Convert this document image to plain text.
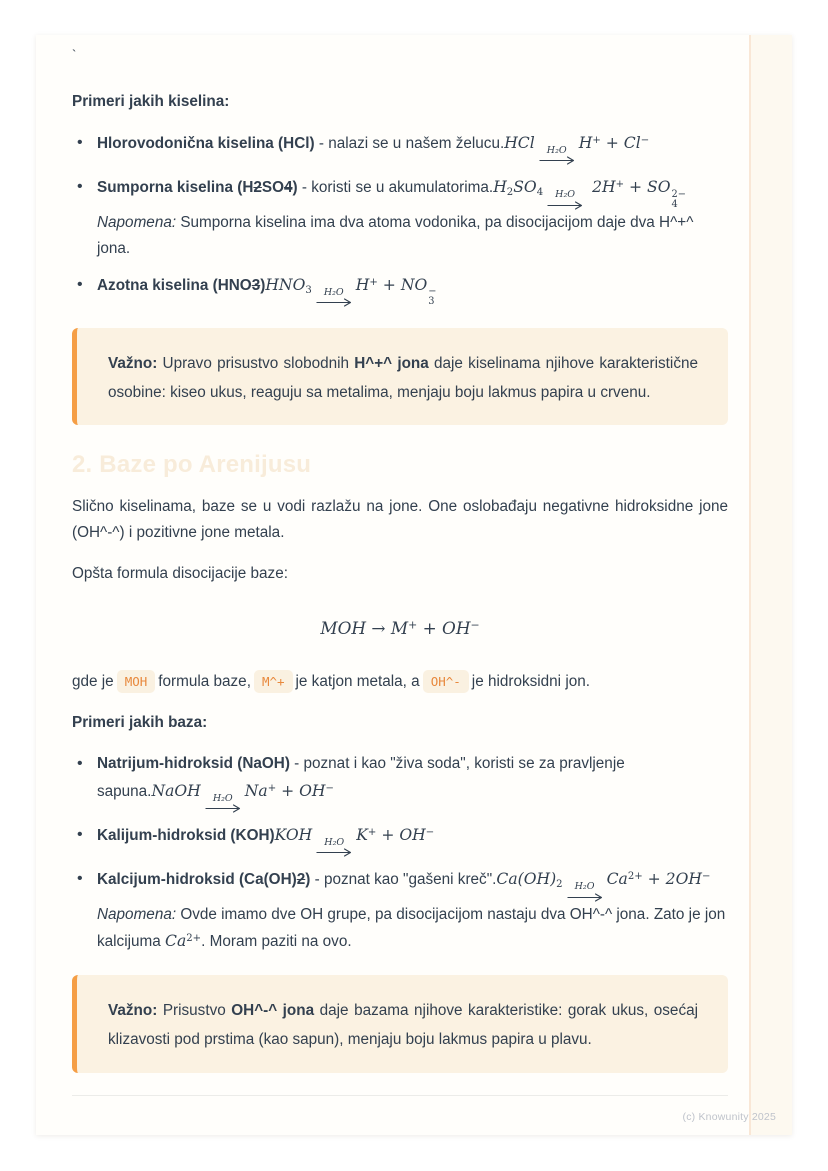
`

Primeri jakih kiselina:

• Hlorovodonična kiselina (HCl) - nalazi se u našem želucu.HCl H₂O H+ + Cl−
• Sumporna kiselina (H2SO4) - koristi se u $akumulatorima.H_2SO_4$ H₂O 2H+ + SO 2−
4
Napomena: Sumporna kiselina ima dva atoma vodonika, pa disocijacijom daje dva H^+^ jona.
• Azotna kiselina $(HNO3)HNO_3$ H₂O H+ + NO −
3

Važno: Upravo prisustvo slobodnih H^+^ jona daje kiselinama njihove karakteristične osobine: kiseo ukus, reaguju sa metalima, menjaju boju lakmus papira u crvenu.

2. Baze po Arenijusu

Slično kiselinama, baze se u vodi razlažu na jone. One oslobađaju negativne hidroksidne jone (OH^-^) i pozitivne jone metala.

Opšta formula disocijacije baze:

MOH → M+ + OH−

gde je MOH formula baze, M^+ je katjon metala, a OH^- je hidroksidni jon.

Primeri jakih baza:

• Natrijum-hidroksid (NaOH) - poznat i kao "živa soda", koristi se za pravljenje sapuna.NaOH H₂O Na+ + OH−
• Kalijum-hidroksid (KOH)KOH H₂O K+ + OH−
• Kalcijum-hidroksid (Ca(OH)2) - poznat kao "gašeni $kreč".Ca(OH)_2$ H₂O $Ca^{2+} + 2OH^-$ Napomena: Ovde imamo dve OH grupe, pa disocijacijom nastaju dva OH^-^ jona. Zato je jon kalcijuma $Ca^{2+}$. Moram paziti na ovo.

Važno: Prisustvo OH^-^ jona daje bazama njihove karakteristike: gorak ukus, osećaj klizavosti pod prstima (kao sapun), menjaju boju lakmus papira u plavu.

(c) Knowunity 2025
